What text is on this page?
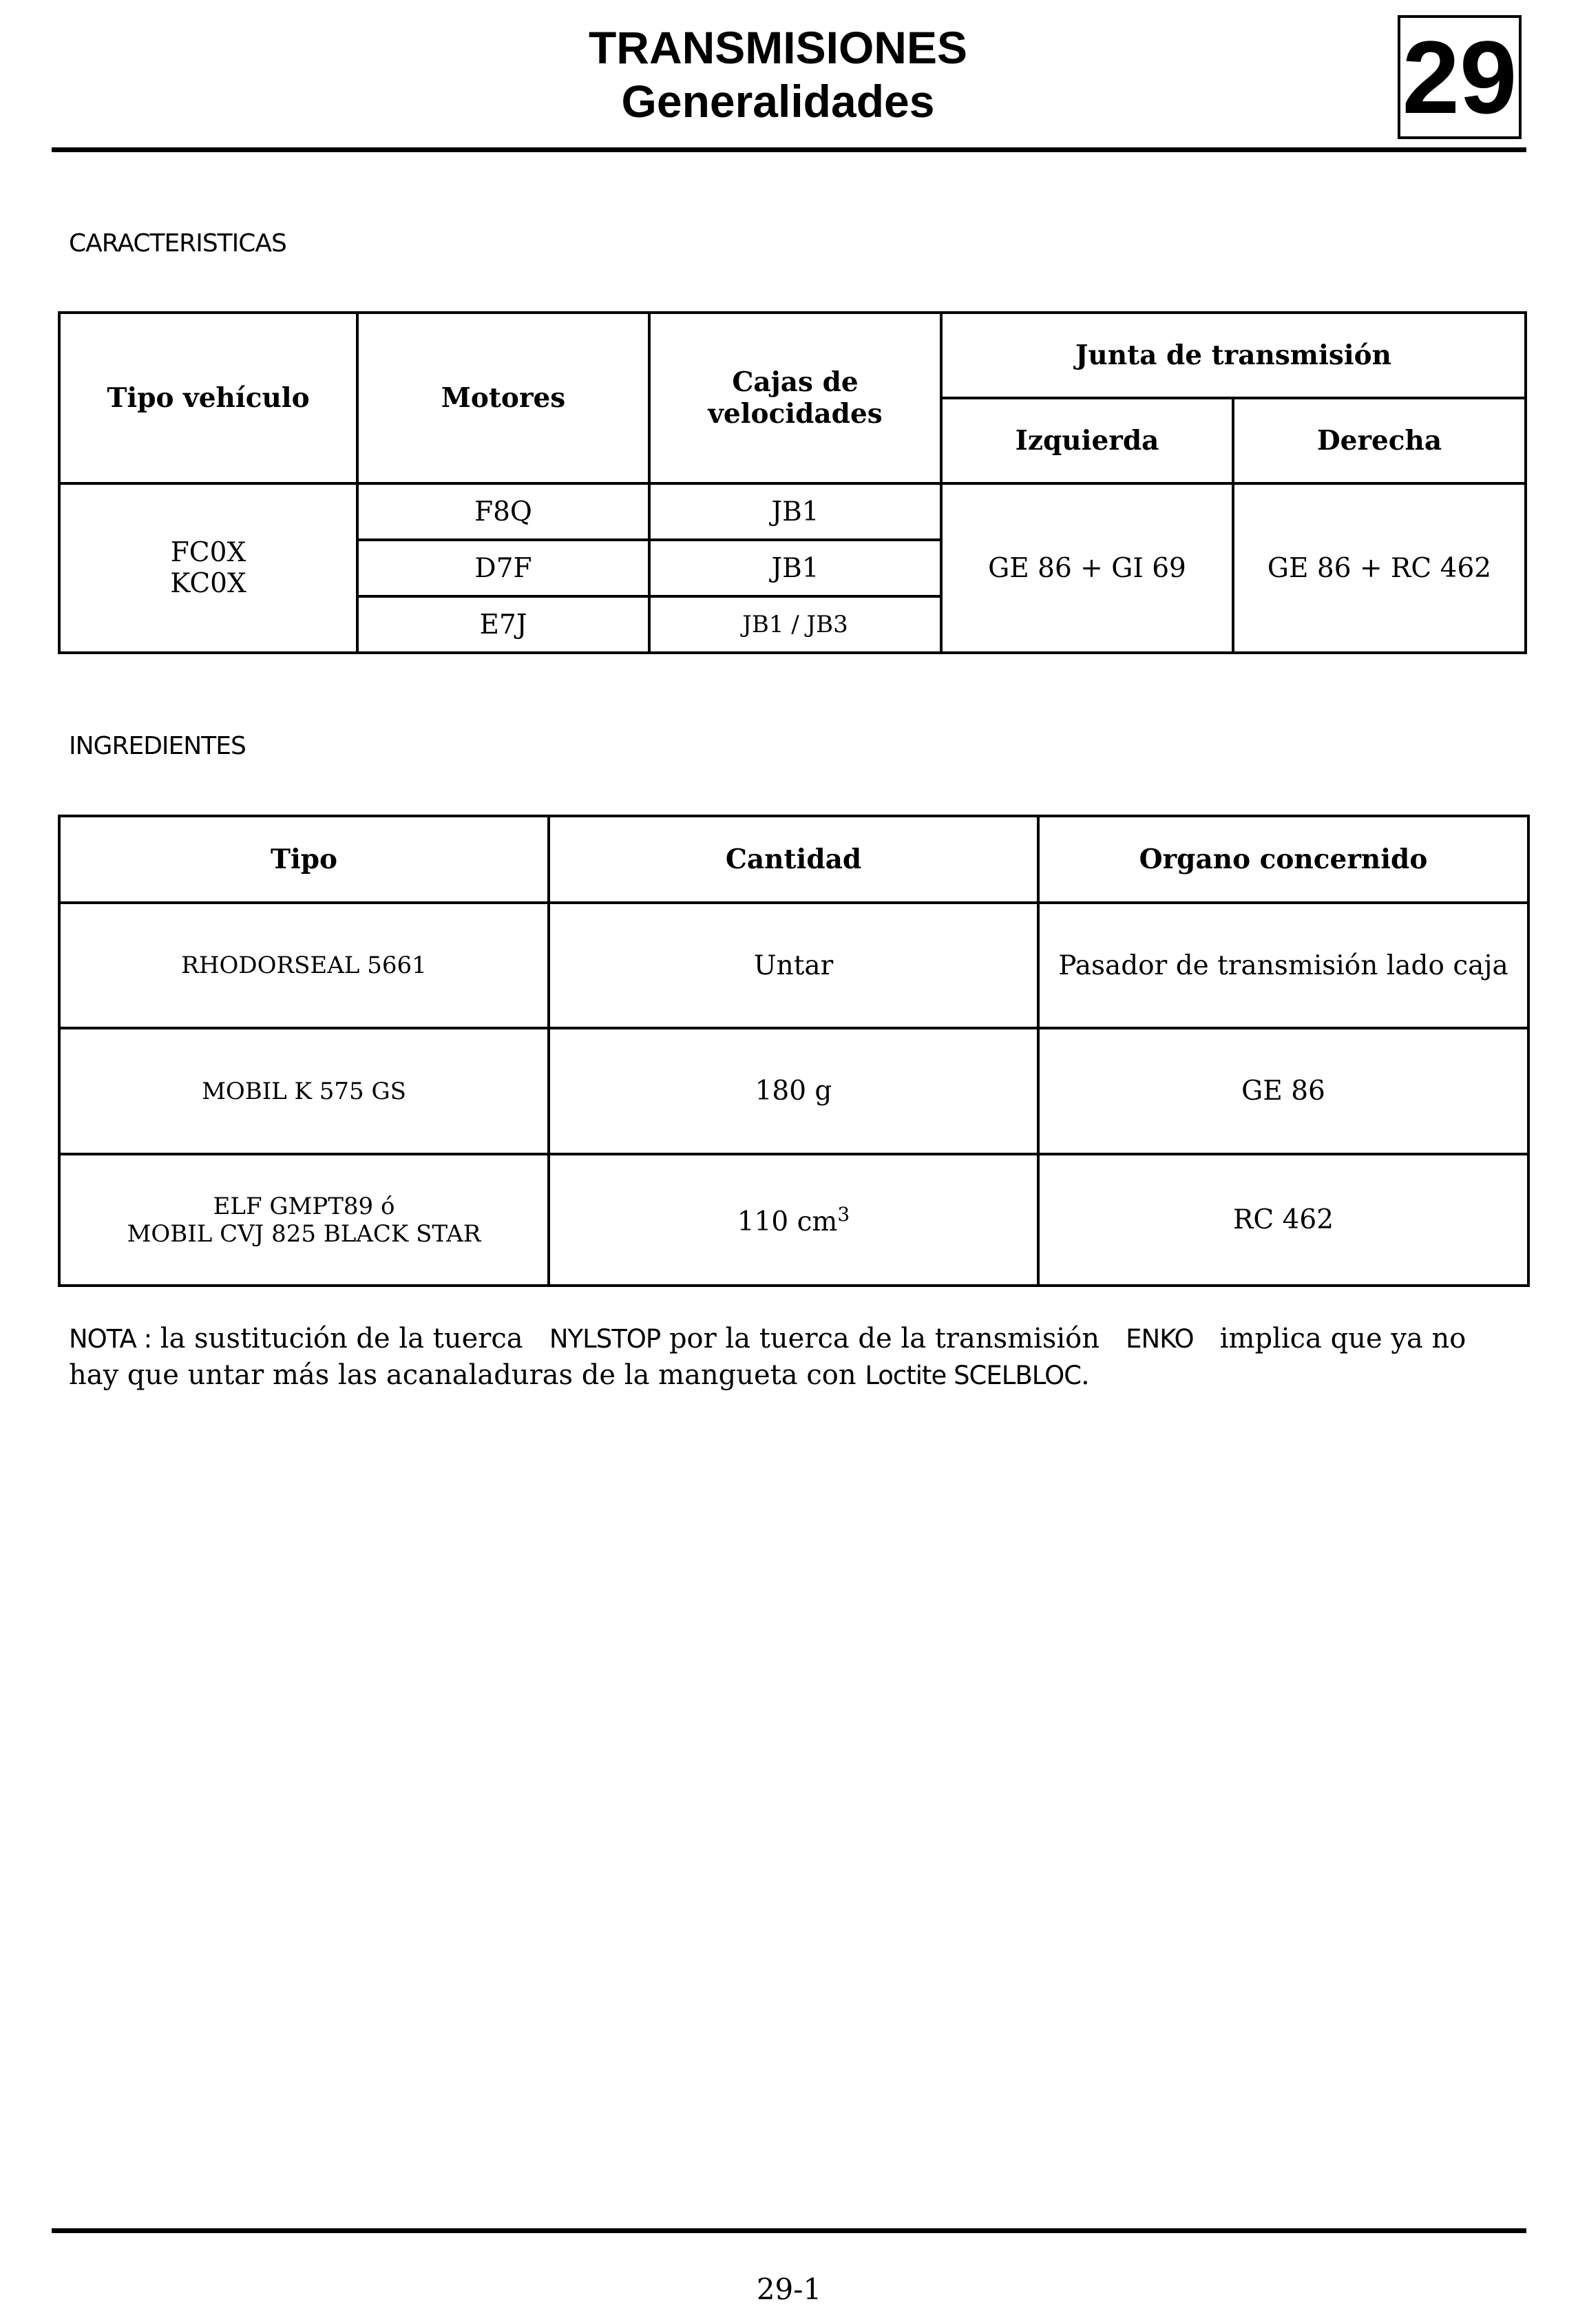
TRANSMISIONES
Generalidades	29
CARACTERISTICAS
Tipo vehículo	Motores	Cajas de velocidades	Junta de transmisión	
			Izquierda	Derecha

FC0X
KC0X	F8Q	JB1	GE 86 + GI 69	GE 86 + RC 462
	D7F	JB1		
	E7J	JB1 / JB3		
INGREDIENTES
Tipo	Cantidad	Organo concernido
RHODORSEAL 5661	Untar	Pasador de transmisión lado caja
MOBIL K 575 GS	180 g	GE 86

ELF GMPT89 ó
MOBIL CVJ 825 BLACK STAR	110 $cm^3$	RC 462
NOTA : la sustitución de la tuerca NYLSTOP por la tuerca de la transmisión ENKO implica que ya no hay que untar más las acanaladuras de la mangueta con Loctite SCELBLOC.
29-1
